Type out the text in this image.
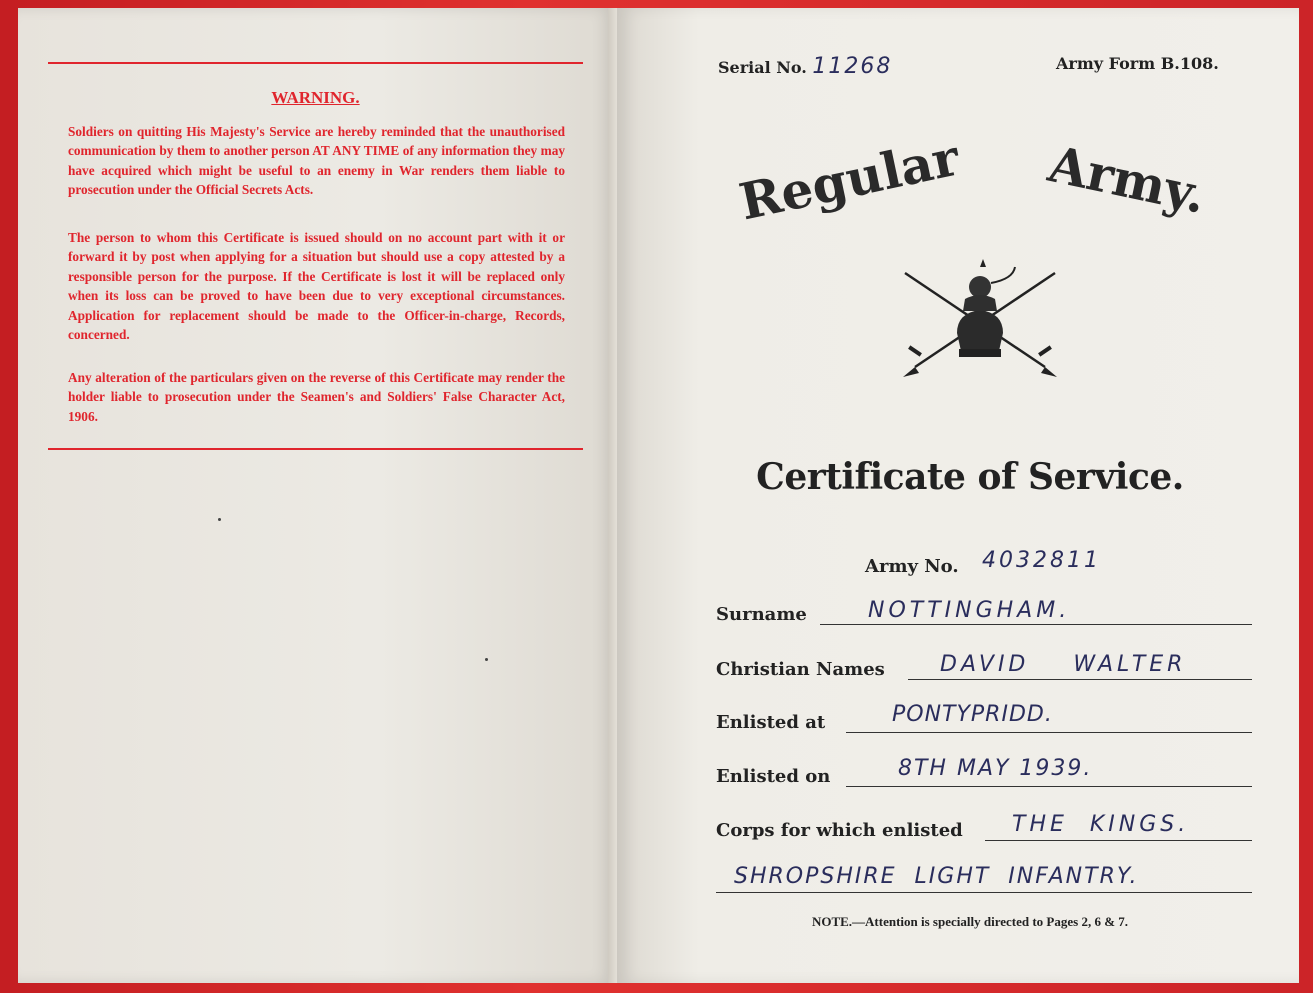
WARNING.

Soldiers on quitting His Majesty's Service are hereby reminded that the unauthorised communication by them to another person AT ANY TIME of any information they may have acquired which might be useful to an enemy in War renders them liable to prosecution under the Official Secrets Acts.

The person to whom this Certificate is issued should on no account part with it or forward it by post when applying for a situation but should use a copy attested by a responsible person for the purpose. If the Certificate is lost it will be replaced only when its loss can be proved to have been due to very exceptional circumstances. Application for replacement should be made to the Officer-in-charge, Records, concerned.

Any alteration of the particulars given on the reverse of this Certificate may render the holder liable to prosecution under the Seamen's and Soldiers' False Character Act, 1906.

Serial No. 11268	Army Form B.108.
Regular Army.
Certificate of Service.
Army No. 4032811
Surname	NOTTINGHAM.
Christian Names	DAVID    WALTER
Enlisted at	PONTYPRIDD.
Enlisted on	8TH MAY 1939.
Corps for which enlisted THE  KINGS.
SHROPSHIRE  LIGHT  INFANTRY.
NOTE.—Attention is specially directed to Pages 2, 6 & 7.
